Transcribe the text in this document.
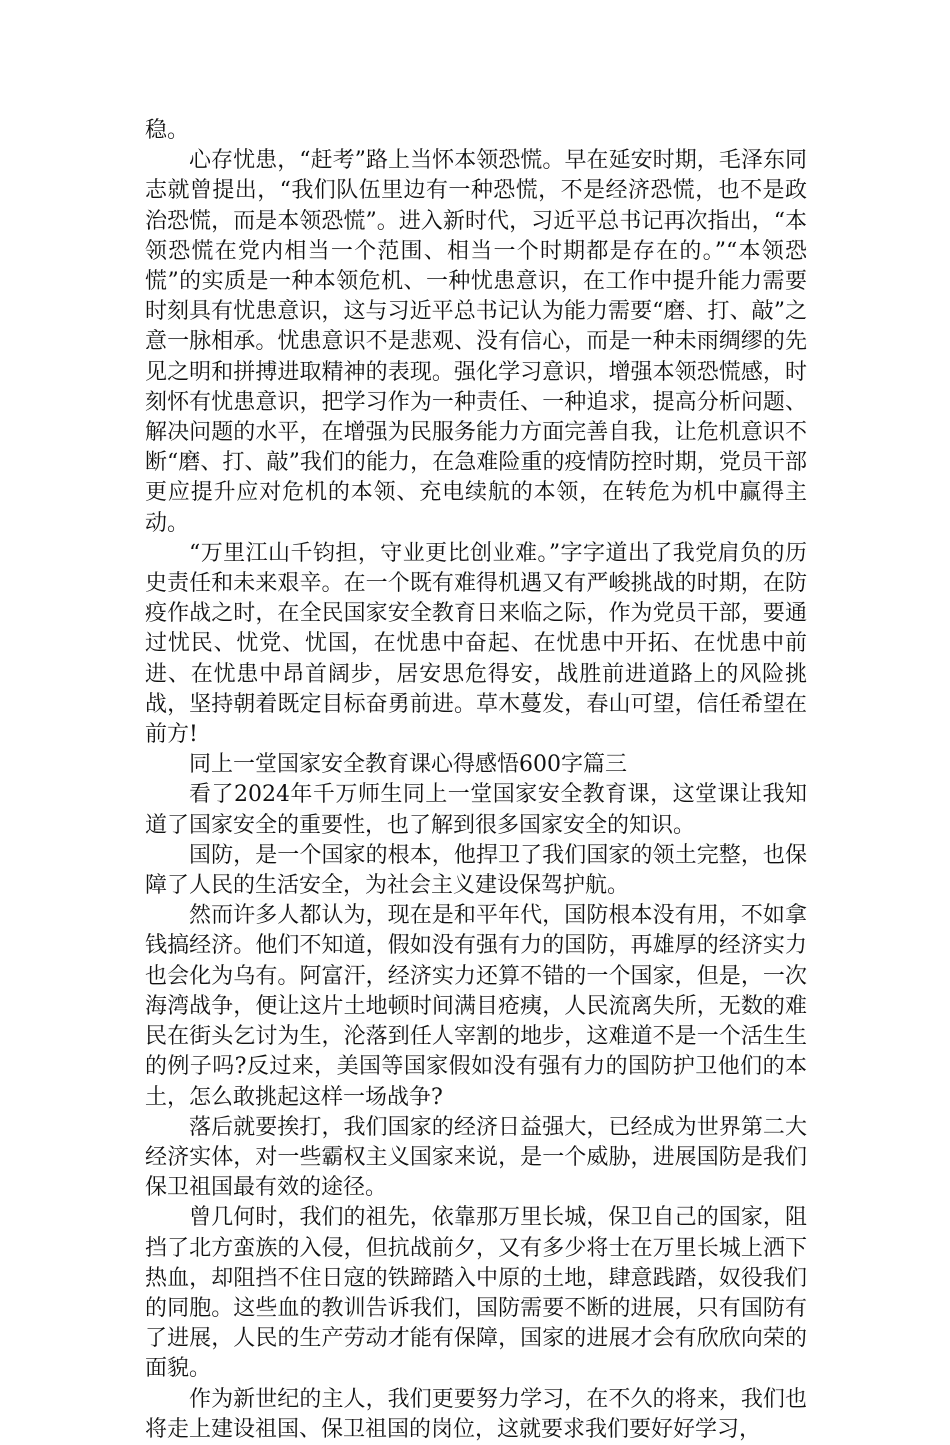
稳。

心存忧患，“赶考”路上当怀本领恐慌。早在延安时期，毛泽东同志就曾提出，“我们队伍里边有一种恐慌，不是经济恐慌，也不是政治恐慌，而是本领恐慌”。进入新时代，习近平总书记再次指出，“本领恐慌在党内相当一个范围、相当一个时期都是存在的。”“本领恐慌”的实质是一种本领危机、一种忧患意识，在工作中提升能力需要时刻具有忧患意识，这与习近平总书记认为能力需要“磨、打、敲”之意一脉相承。忧患意识不是悲观、没有信心，而是一种未雨绸缪的先见之明和拼搏进取精神的表现。强化学习意识，增强本领恐慌感，时刻怀有忧患意识，把学习作为一种责任、一种追求，提高分析问题、解决问题的水平，在增强为民服务能力方面完善自我，让危机意识不断“磨、打、敲”我们的能力，在急难险重的疫情防控时期，党员干部更应提升应对危机的本领、充电续航的本领，在转危为机中赢得主动。

“万里江山千钧担，守业更比创业难。”字字道出了我党肩负的历史责任和未来艰辛。在一个既有难得机遇又有严峻挑战的时期，在防疫作战之时，在全民国家安全教育日来临之际，作为党员干部，要通过忧民、忧党、忧国，在忧患中奋起、在忧患中开拓、在忧患中前进、在忧患中昂首阔步，居安思危得安，战胜前进道路上的风险挑战，坚持朝着既定目标奋勇前进。草木蔓发，春山可望，信任希望在前方!

同上一堂国家安全教育课心得感悟600字篇三

看了2024年千万师生同上一堂国家安全教育课，这堂课让我知道了国家安全的重要性，也了解到很多国家安全的知识。

国防，是一个国家的根本，他捍卫了我们国家的领土完整，也保障了人民的生活安全，为社会主义建设保驾护航。

然而许多人都认为，现在是和平年代，国防根本没有用，不如拿钱搞经济。他们不知道，假如没有强有力的国防，再雄厚的经济实力也会化为乌有。阿富汗，经济实力还算不错的一个国家，但是，一次海湾战争，便让这片土地顿时间满目疮痍，人民流离失所，无数的难民在街头乞讨为生，沦落到任人宰割的地步，这难道不是一个活生生的例子吗?反过来，美国等国家假如没有强有力的国防护卫他们的本土，怎么敢挑起这样一场战争?

落后就要挨打，我们国家的经济日益强大，已经成为世界第二大经济实体，对一些霸权主义国家来说，是一个威胁，进展国防是我们保卫祖国最有效的途径。

曾几何时，我们的祖先，依靠那万里长城，保卫自己的国家，阻挡了北方蛮族的入侵，但抗战前夕，又有多少将士在万里长城上洒下热血，却阻挡不住日寇的铁蹄踏入中原的土地，肆意践踏，奴役我们的同胞。这些血的教训告诉我们，国防需要不断的进展，只有国防有了进展，人民的生产劳动才能有保障，国家的进展才会有欣欣向荣的面貌。

作为新世纪的主人，我们更要努力学习，在不久的将来，我们也将走上建设祖国、保卫祖国的岗位，这就要求我们要好好学习，
